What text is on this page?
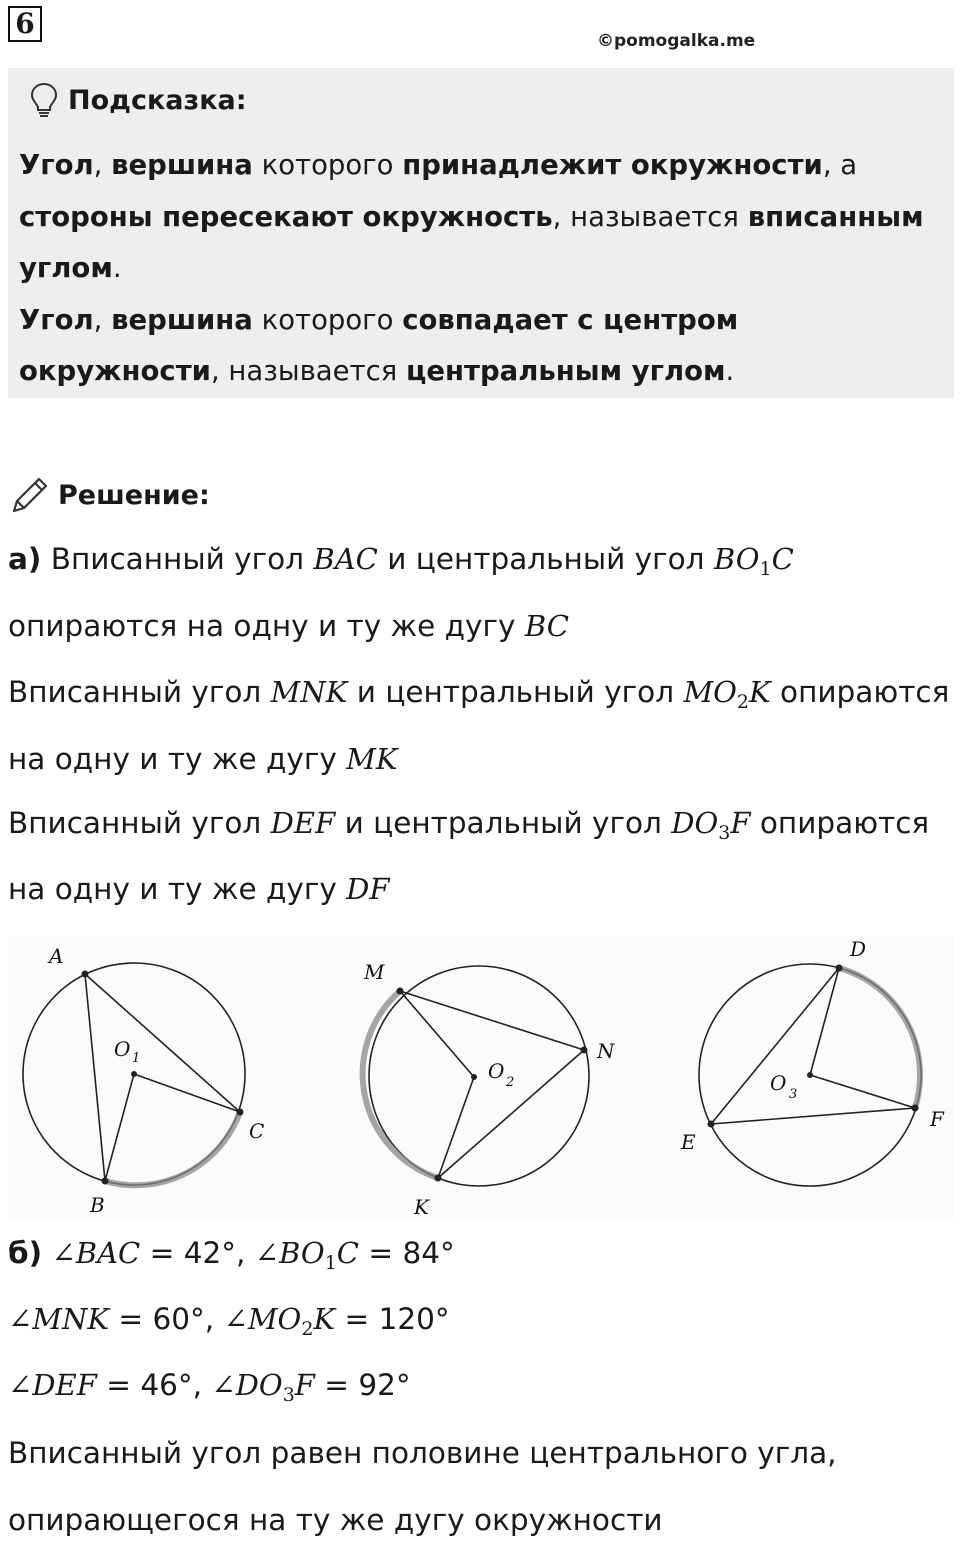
6
©pomogalka.me
Подсказка:
Угол, вершина которого принадлежит окружности, а стороны пересекают окружность, называется вписанным углом.
Угол, вершина которого совпадает с центром окружности, называется центральным углом.
Решение:
а) Вписанный угол BAC и центральный угол $BO_1C$
опираются на одну и ту же дугу BC
Вписанный угол MNK и центральный угол $MO_2K$ опираются
на одну и ту же дугу MK
Вписанный угол DEF и центральный угол $DO_3F$ опираются
на одну и ту же дугу DF
A
B
C
O 1
M
N
K
O 2
D
E
F
O 3
б) ∠BAC = 42°, $\angle BO_1C = 84^\circ$
∠MNK = 60°, $\angle MO_2K = 120^\circ$
∠DEF = 46°, $\angle DO_3F = 92^\circ$
Вписанный угол равен половине центрального угла,
опирающегося на ту же дугу окружности
